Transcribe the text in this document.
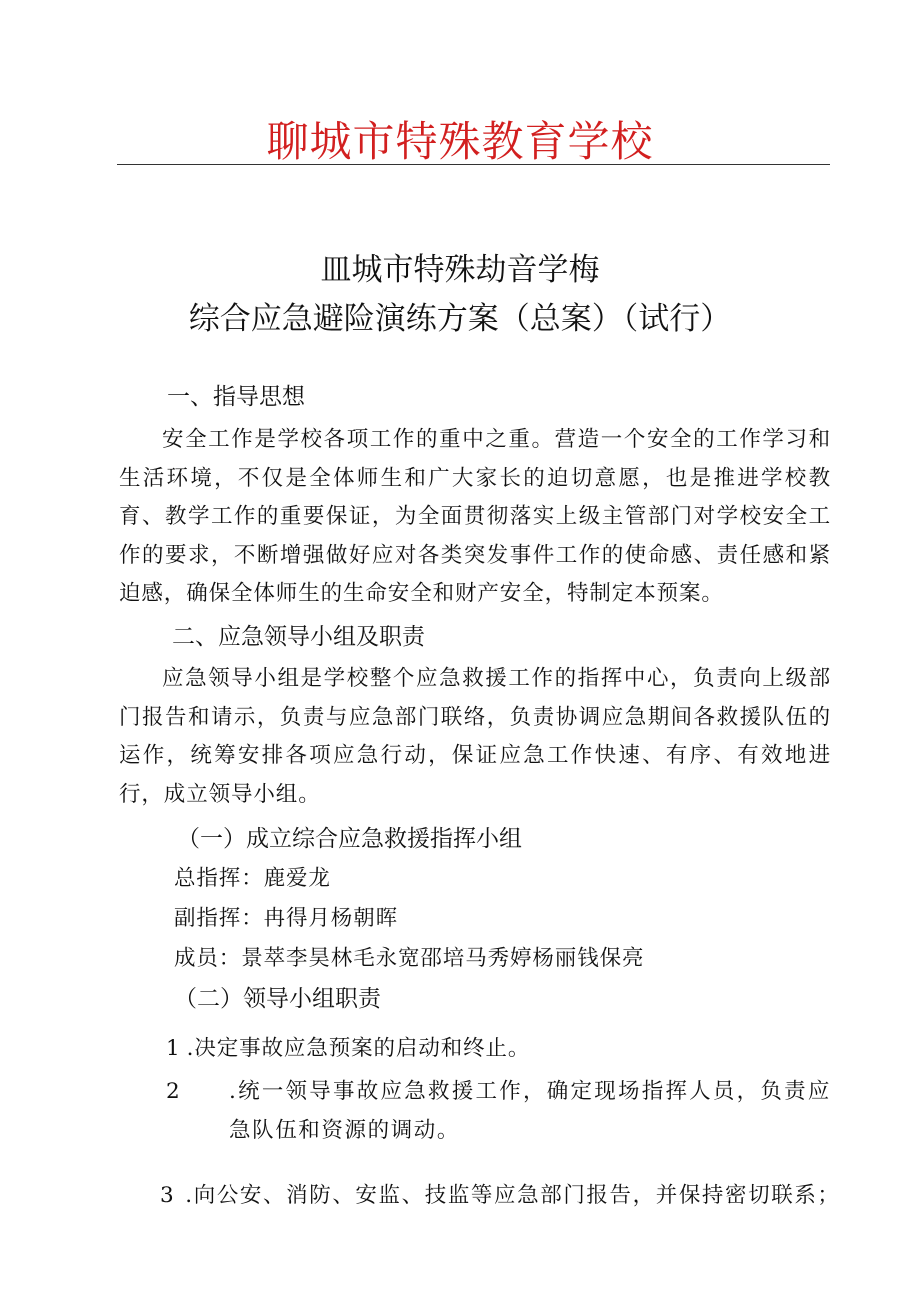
聊城市特殊教育学校
皿城市特殊劫音学梅
综合应急避险演练方案（总案）（试行）
一、指导思想

安全工作是学校各项工作的重中之重。营造一个安全的工作学习和生活环境，不仅是全体师生和广大家长的迫切意愿，也是推进学校教育、教学工作的重要保证，为全面贯彻落实上级主管部门对学校安全工作的要求，不断增强做好应对各类突发事件工作的使命感、责任感和紧迫感，确保全体师生的生命安全和财产安全，特制定本预案。

二、应急领导小组及职责

应急领导小组是学校整个应急救援工作的指挥中心，负责向上级部门报告和请示，负责与应急部门联络，负责协调应急期间各救援队伍的运作，统筹安排各项应急行动，保证应急工作快速、有序、有效地进行，成立领导小组。

（一）成立综合应急救援指挥小组
总指挥：鹿爱龙
副指挥：冉得月杨朝晖
成员：景萃李昊林毛永宽邵培马秀婷杨丽钱保亮
（二）领导小组职责
1 .决定事故应急预案的启动和终止。
2	.统一领导事故应急救援工作，确定现场指挥人员，负责应急队伍和资源的调动。

3 .向公安、消防、安监、技监等应急部门报告，并保持密切联系；
